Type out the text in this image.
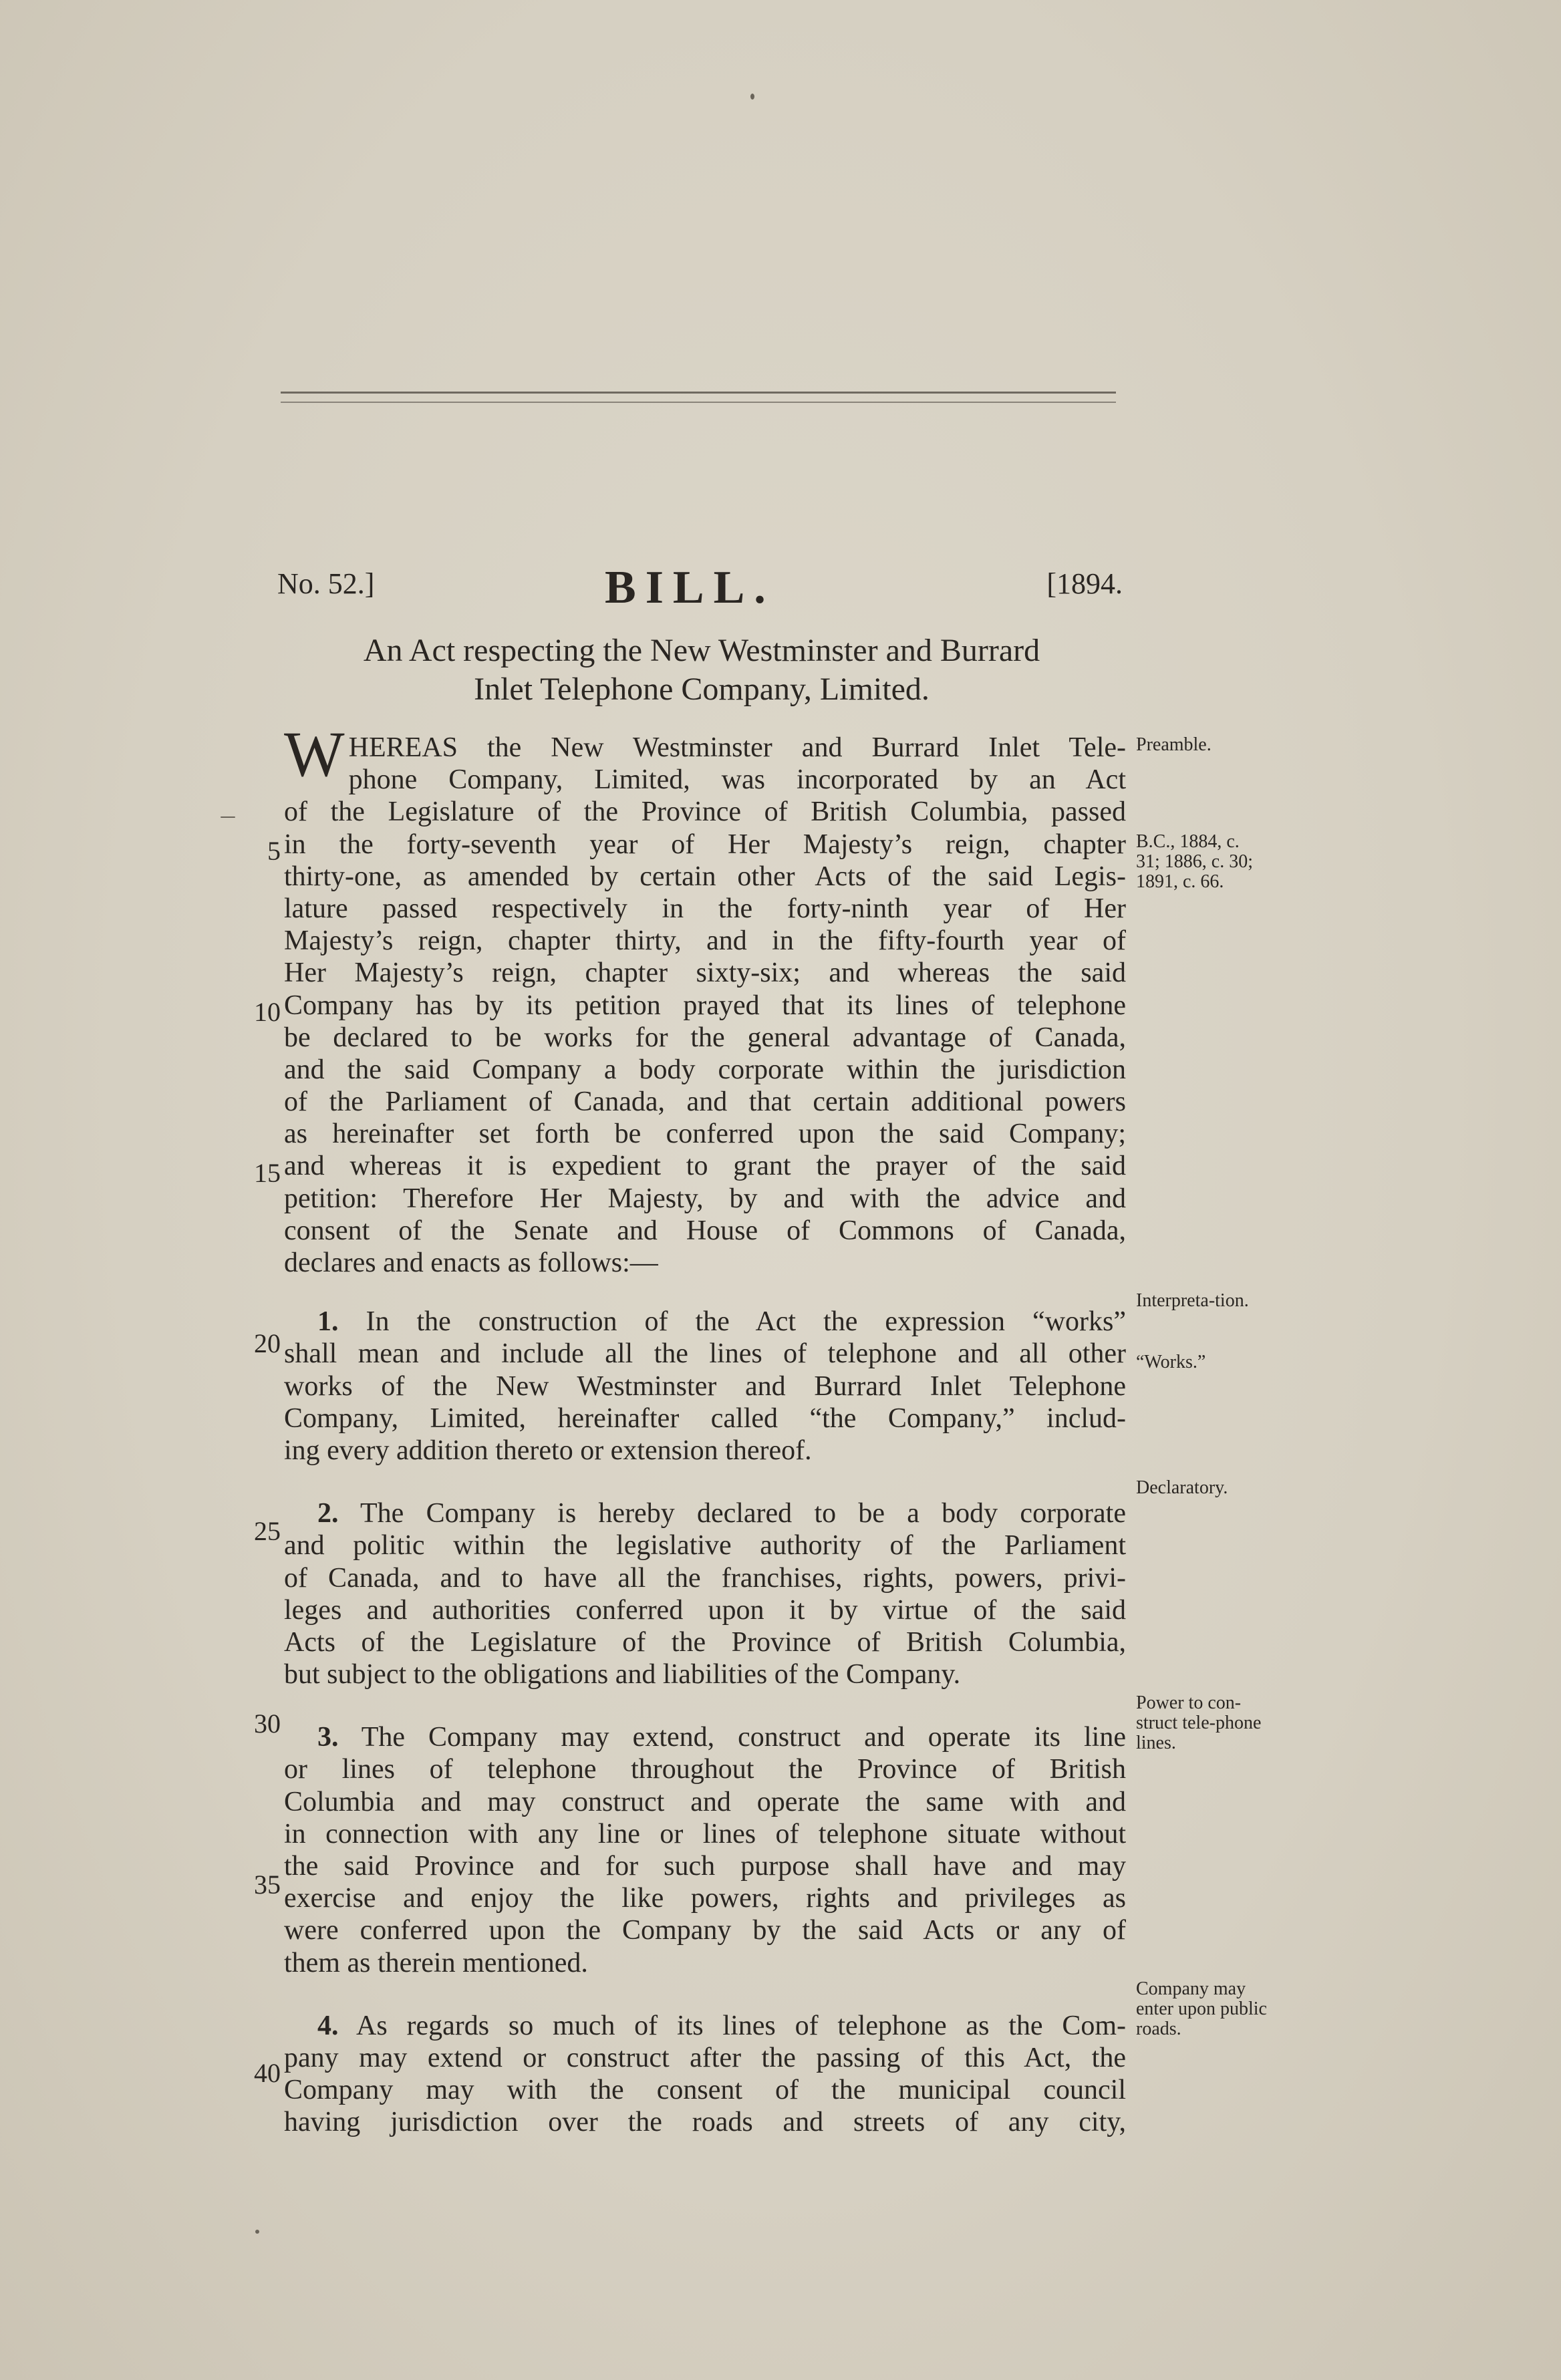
No. 52.]	BILL.	[1894.
An Act respecting the New Westminster and Burrard
Inlet Telephone Company, Limited.
WHEREAS the New Westminster and Burrard Inlet Tele-
phone Company, Limited, was incorporated by an Act
of the Legislature of the Province of British Columbia, passed
in the forty-seventh year of Her Majesty’s reign, chapter
thirty-one, as amended by certain other Acts of the said Legis-
lature passed respectively in the forty-ninth year of Her
Majesty’s reign, chapter thirty, and in the fifty-fourth year of
Her Majesty’s reign, chapter sixty-six; and whereas the said
Company has by its petition prayed that its lines of telephone
be declared to be works for the general advantage of Canada,
and the said Company a body corporate within the jurisdiction
of the Parliament of Canada, and that certain additional powers
as hereinafter set forth be conferred upon the said Company;
and whereas it is expedient to grant the prayer of the said
petition: Therefore Her Majesty, by and with the advice and
consent of the Senate and House of Commons of Canada,
declares and enacts as follows:—
1. In the construction of the Act the expression “works”
shall mean and include all the lines of telephone and all other
works of the New Westminster and Burrard Inlet Telephone
Company, Limited, hereinafter called “the Company,” includ-
ing every addition thereto or extension thereof.
2. The Company is hereby declared to be a body corporate
and politic within the legislative authority of the Parliament
of Canada, and to have all the franchises, rights, powers, privi-
leges and authorities conferred upon it by virtue of the said
Acts of the Legislature of the Province of British Columbia,
but subject to the obligations and liabilities of the Company.
3. The Company may extend, construct and operate its line
or lines of telephone throughout the Province of British
Columbia and may construct and operate the same with and
in connection with any line or lines of telephone situate without
the said Province and for such purpose shall have and may
exercise and enjoy the like powers, rights and privileges as
were conferred upon the Company by the said Acts or any of
them as therein mentioned.
4. As regards so much of its lines of telephone as the Com-
pany may extend or construct after the passing of this Act, the
Company may with the consent of the municipal council
having jurisdiction over the roads and streets of any city,
5
10
15
20
25
30
35
40
Preamble.
B.C., 1884, c. 31; 1886, c. 30; 1891, c. 66.
Interpreta-tion.
“Works.”
Declaratory.
Power to con-struct tele-phone lines.
Company may enter upon public roads.
